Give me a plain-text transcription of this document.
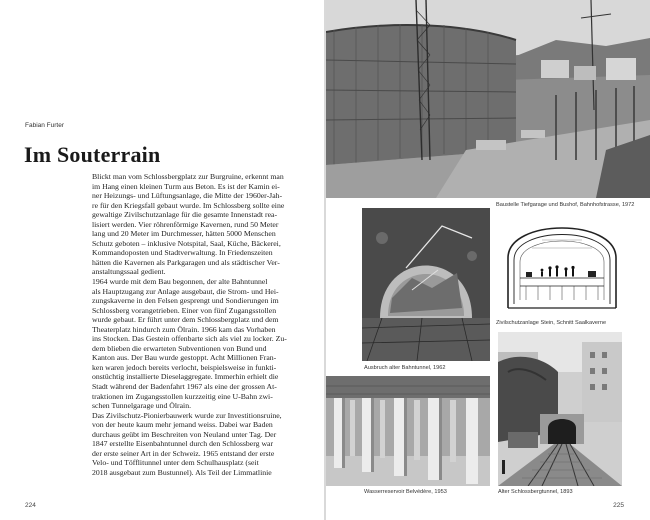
Fabian Furter
Im Souterrain
Blickt man vom Schlossbergplatz zur Burgruine, erkennt man
im Hang einen kleinen Turm aus Beton. Es ist der Kamin ei-
ner Heizungs- und Lüftungsanlage, die Mitte der 1960er-Jah-
re für den Kriegsfall gebaut wurde. Im Schlossberg sollte eine
gewaltige Zivilschutzanlage für die gesamte Innenstadt rea-
lisiert werden. Vier röhrenförmige Kavernen, rund 50 Meter
lang und 20 Meter im Durchmesser, hätten 5000 Menschen
Schutz geboten – inklusive Notspital, Saal, Küche, Bäckerei,
Kommandoposten und Stadtverwaltung. In Friedenszeiten
hätten die Kavernen als Parkgaragen und als städtischer Ver-
anstaltungssaal gedient.
1964 wurde mit dem Bau begonnen, der alte Bahntunnel
als Hauptzugang zur Anlage ausgebaut, die Strom- und Hei-
zungskaverne in den Felsen gesprengt und Sondierungen im
Schlossberg vorangetrieben. Einer von fünf Zugangsstollen
wurde gebaut. Er führt unter dem Schlossbergplatz und dem
Theaterplatz hindurch zum Ölrain. 1966 kam das Vorhaben
ins Stocken. Das Gestein offenbarte sich als viel zu locker. Zu-
dem blieben die erwarteten Subventionen von Bund und
Kanton aus. Der Bau wurde gestoppt. Acht Millionen Fran-
ken waren jedoch bereits verlocht, beispielsweise in funkti-
onstüchtig installierte Dieselaggregate. Immerhin erhielt die
Stadt während der Badenfahrt 1967 als eine der grossen At-
traktionen im Zugangsstollen kurzzeitig eine U-Bahn zwi-
schen Tunnelgarage und Ölrain.
Das Zivilschutz-Pionierbauwerk wurde zur Investitionsruine,
von der heute kaum mehr jemand weiss. Dabei war Baden
durchaus geübt im Beschreiten von Neuland unter Tag. Der
1847 erstellte Eisenbahntunnel durch den Schlossberg war
der erste seiner Art in der Schweiz. 1965 entstand der erste
Velo- und Töfflitunnel unter dem Schulhausplatz (seit
2018 ausgebaut zum Bustunnel). Als Teil der Limmatlinie
224
Baustelle Tiefgarage und Bushof, Bahnhofstrasse, 1972
Ausbruch alter Bahntunnel, 1962
Zivilschutzanlage Stein, Schnitt Saalkaverne
Wasserreservoir Belvédère, 1953	Alter Schlossbergtunnel, 1893
225
